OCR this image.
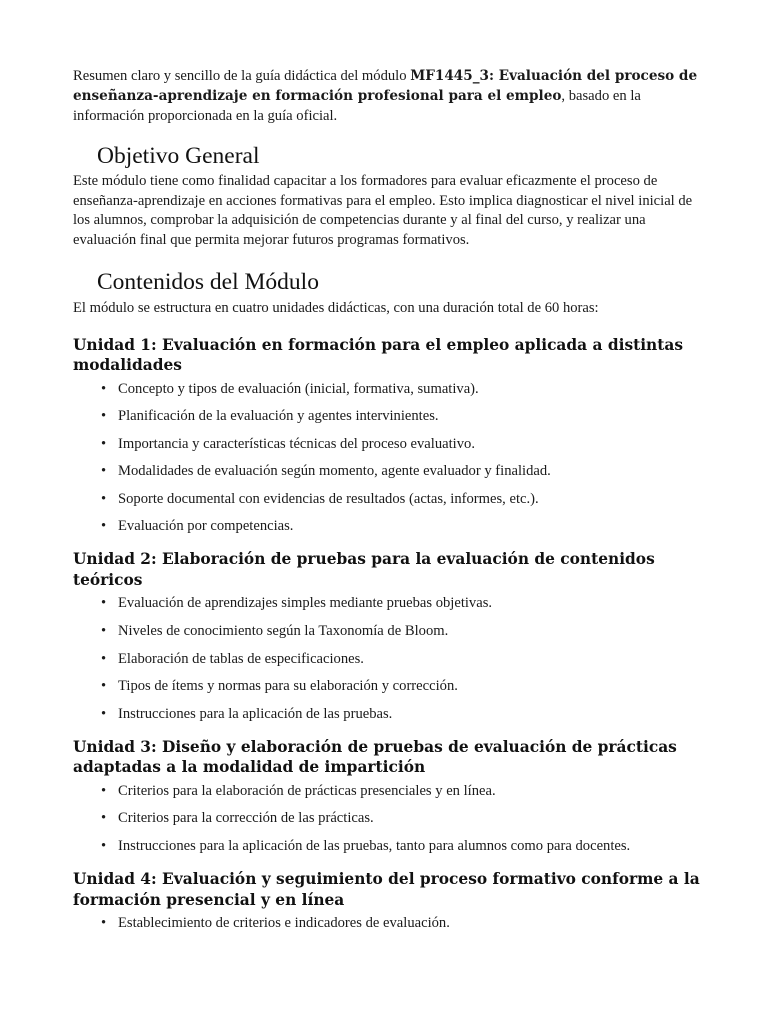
Resumen claro y sencillo de la guía didáctica del módulo MF1445_3: Evaluación del proceso de enseñanza-aprendizaje en formación profesional para el empleo, basado en la información proporcionada en la guía oficial.

Objetivo General

Este módulo tiene como finalidad capacitar a los formadores para evaluar eficazmente el proceso de enseñanza-aprendizaje en acciones formativas para el empleo. Esto implica diagnosticar el nivel inicial de los alumnos, comprobar la adquisición de competencias durante y al final del curso, y realizar una evaluación final que permita mejorar futuros programas formativos.

Contenidos del Módulo

El módulo se estructura en cuatro unidades didácticas, con una duración total de 60 horas:

Unidad 1: Evaluación en formación para el empleo aplicada a distintas modalidades
• Concepto y tipos de evaluación (inicial, formativa, sumativa).
• Planificación de la evaluación y agentes intervinientes.
• Importancia y características técnicas del proceso evaluativo.
• Modalidades de evaluación según momento, agente evaluador y finalidad.
• Soporte documental con evidencias de resultados (actas, informes, etc.).
• Evaluación por competencias.
Unidad 2: Elaboración de pruebas para la evaluación de contenidos teóricos
• Evaluación de aprendizajes simples mediante pruebas objetivas.
• Niveles de conocimiento según la Taxonomía de Bloom.
• Elaboración de tablas de especificaciones.
• Tipos de ítems y normas para su elaboración y corrección.
• Instrucciones para la aplicación de las pruebas.
Unidad 3: Diseño y elaboración de pruebas de evaluación de prácticas adaptadas a la modalidad de impartición
• Criterios para la elaboración de prácticas presenciales y en línea.
• Criterios para la corrección de las prácticas.
• Instrucciones para la aplicación de las pruebas, tanto para alumnos como para docentes.
Unidad 4: Evaluación y seguimiento del proceso formativo conforme a la formación presencial y en línea
• Establecimiento de criterios e indicadores de evaluación.
